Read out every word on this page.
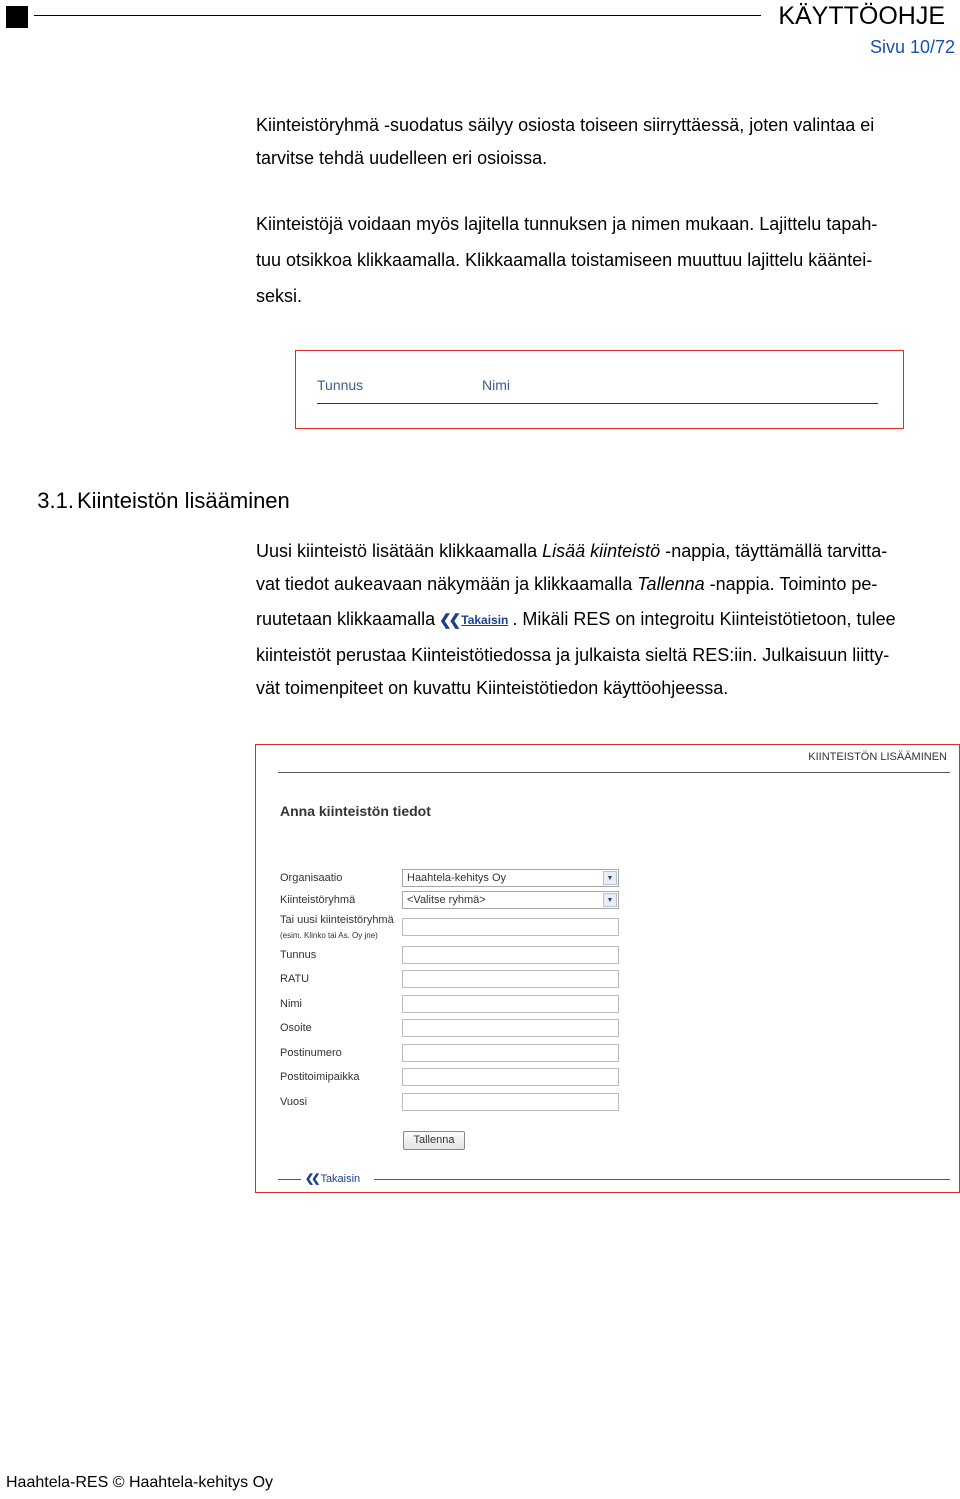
KÄYTTÖOHJE
Sivu 10/72
Kiinteistöryhmä -suodatus säilyy osiosta toiseen siirryttäessä, joten valintaa ei
tarvitse tehdä uudelleen eri osioissa.
Kiinteistöjä voidaan myös lajitella tunnuksen ja nimen mukaan. Lajittelu tapah-
tuu otsikkoa klikkaamalla. Klikkaamalla toistamiseen muuttuu lajittelu kääntei-
seksi.
Tunnus	Nimi
3.1. Kiinteistön lisääminen
Uusi kiinteistö lisätään klikkaamalla Lisää kiinteistö -nappia, täyttämällä tarvitta-
vat tiedot aukeavaan näkymään ja klikkaamalla Tallenna -nappia. Toiminto pe-
ruutetaan klikkaamalla ❮❮ Takaisin . Mikäli RES on integroitu Kiinteistötietoon, tulee
kiinteistöt perustaa Kiinteistötiedossa ja julkaista sieltä RES:iin. Julkaisuun liitty-
vät toimenpiteet on kuvattu Kiinteistötiedon käyttöohjeessa.
KIINTEISTÖN LISÄÄMINEN
Anna kiinteistön tiedot
Organisaatio	Haahtela-kehitys Oy	▼
Kiinteistöryhmä	<Valitse ryhmä>	▼
Tai uusi kiinteistöryhmä
(esim. Klinko tai As. Oy jne)
Tunnus
RATU
Nimi
Osoite
Postinumero
Postitoimipaikka
Vuosi
Tallenna
❮❮ Takaisin
Haahtela-RES © Haahtela-kehitys Oy
